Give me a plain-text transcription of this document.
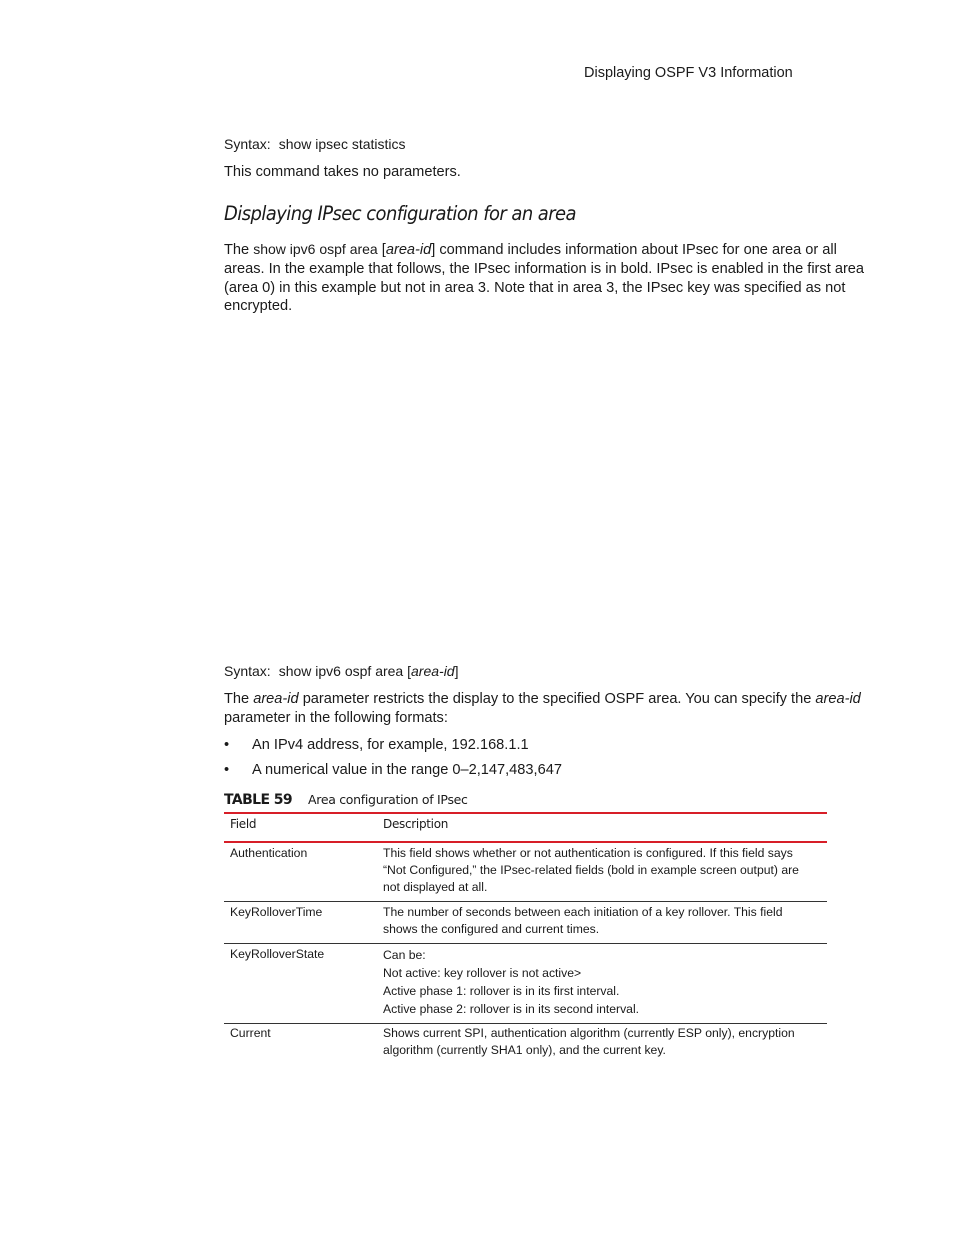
Displaying OSPF V3 Information
Syntax: show ipsec statistics
This command takes no parameters.
Displaying IPsec configuration for an area
The show ipv6 ospf area [area-id] command includes information about IPsec for one area or all areas. In the example that follows, the IPsec information is in bold. IPsec is enabled in the first area (area 0) in this example but not in area 3. Note that in area 3, the IPsec key was specified as not encrypted.
Syntax: show ipv6 ospf area [area-id]
The area-id parameter restricts the display to the specified OSPF area. You can specify the area-id parameter in the following formats:
• An IPv4 address, for example, 192.168.1.1
• A numerical value in the range 0–2,147,483,647
TABLE 59 Area configuration of IPsec
Field	Description
Authentication	This field shows whether or not authentication is configured. If this field says
“Not Configured,” the IPsec-related fields (bold in example screen output) are
not displayed at all.
KeyRolloverTime	The number of seconds between each initiation of a key rollover. This field
shows the configured and current times.
KeyRolloverState	Can be:
Not active: key rollover is not active>
Active phase 1: rollover is in its first interval.
Active phase 2: rollover is in its second interval.
Current	Shows current SPI, authentication algorithm (currently ESP only), encryption
algorithm (currently SHA1 only), and the current key.
